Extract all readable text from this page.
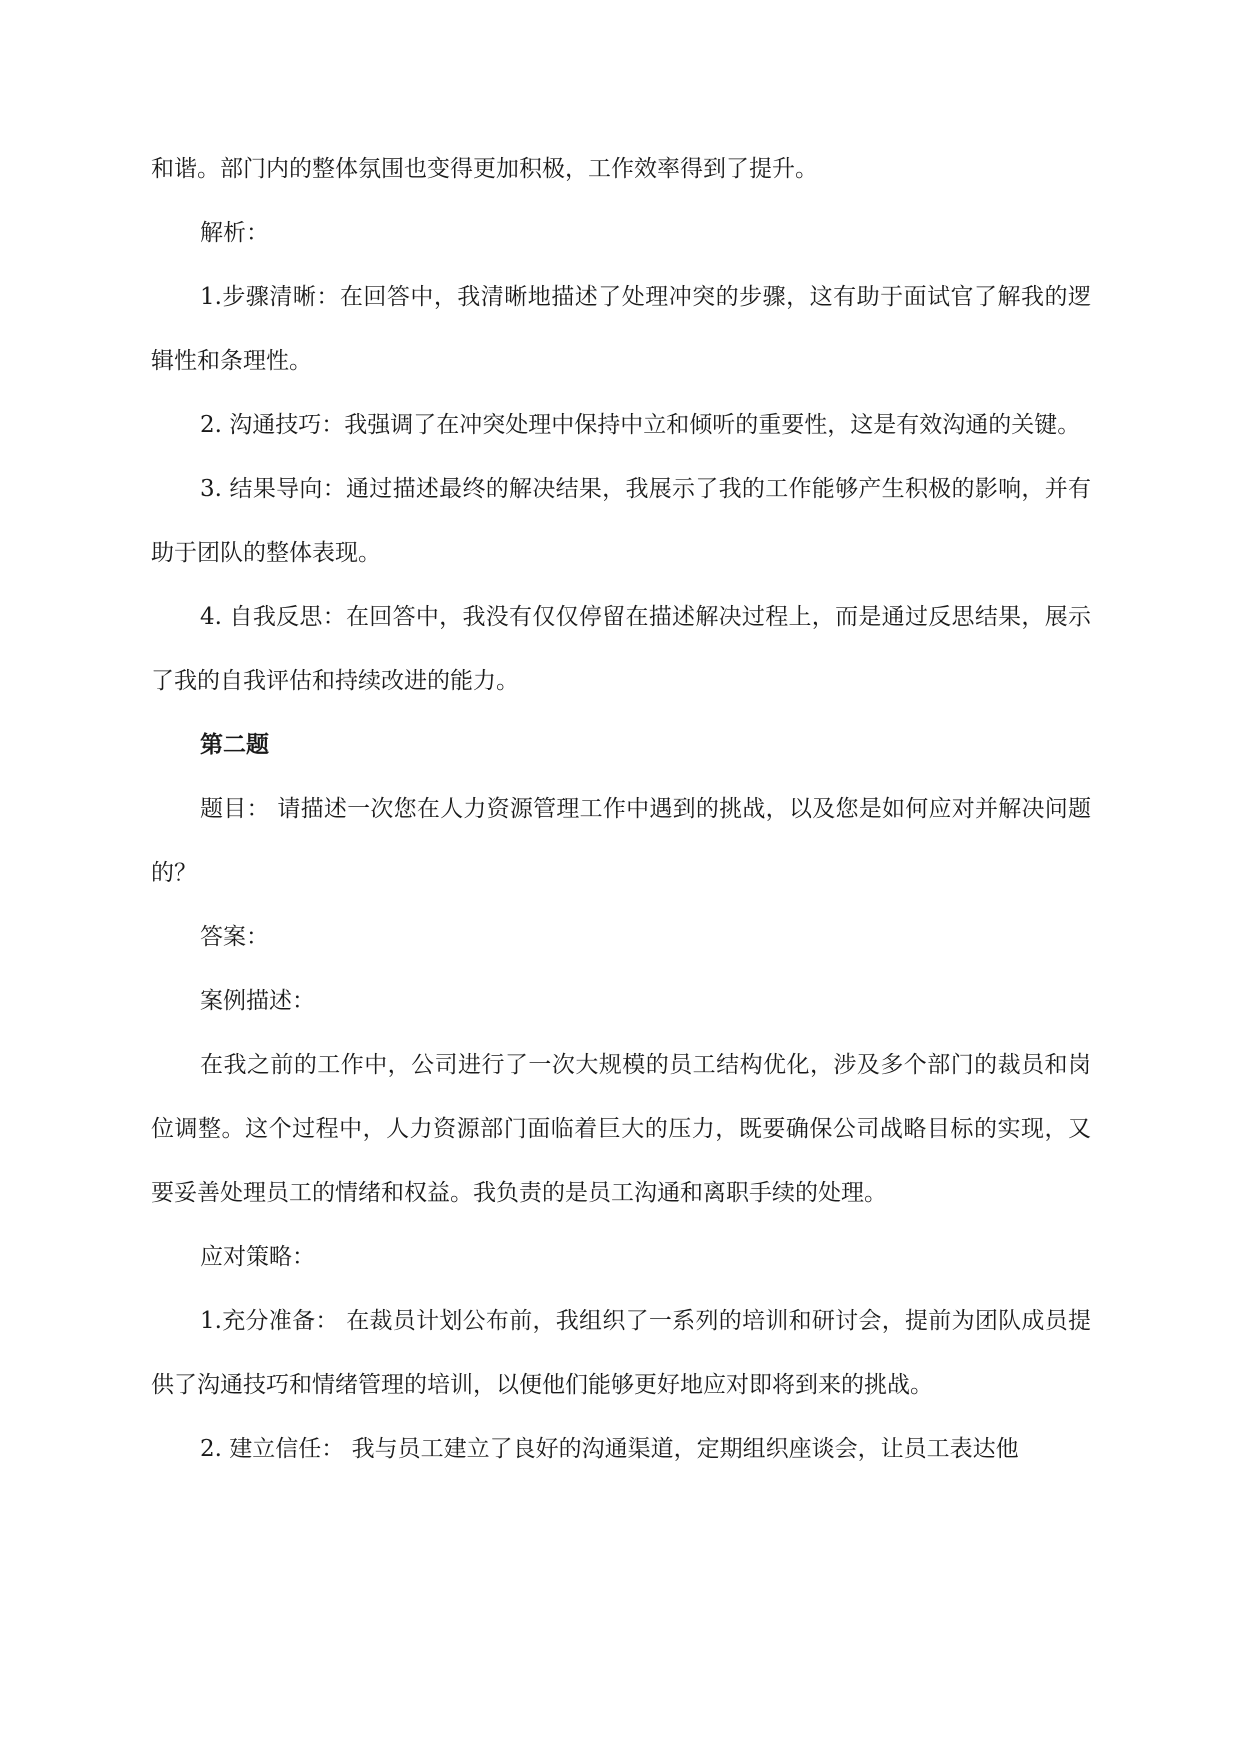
和谐。部门内的整体氛围也变得更加积极，工作效率得到了提升。

解析：

1.步骤清晰：在回答中，我清晰地描述了处理冲突的步骤，这有助于面试官了解我的逻辑性和条理性。

2. 沟通技巧：我强调了在冲突处理中保持中立和倾听的重要性，这是有效沟通的关键。

3. 结果导向：通过描述最终的解决结果，我展示了我的工作能够产生积极的影响，并有助于团队的整体表现。

4. 自我反思：在回答中，我没有仅仅停留在描述解决过程上，而是通过反思结果，展示了我的自我评估和持续改进的能力。

第二题

题目： 请描述一次您在人力资源管理工作中遇到的挑战，以及您是如何应对并解决问题的？

答案：

案例描述：

在我之前的工作中，公司进行了一次大规模的员工结构优化，涉及多个部门的裁员和岗位调整。这个过程中，人力资源部门面临着巨大的压力，既要确保公司战略目标的实现，又要妥善处理员工的情绪和权益。我负责的是员工沟通和离职手续的处理。

应对策略：

1.充分准备： 在裁员计划公布前，我组织了一系列的培训和研讨会，提前为团队成员提供了沟通技巧和情绪管理的培训，以便他们能够更好地应对即将到来的挑战。

2. 建立信任： 我与员工建立了良好的沟通渠道，定期组织座谈会，让员工表达他
